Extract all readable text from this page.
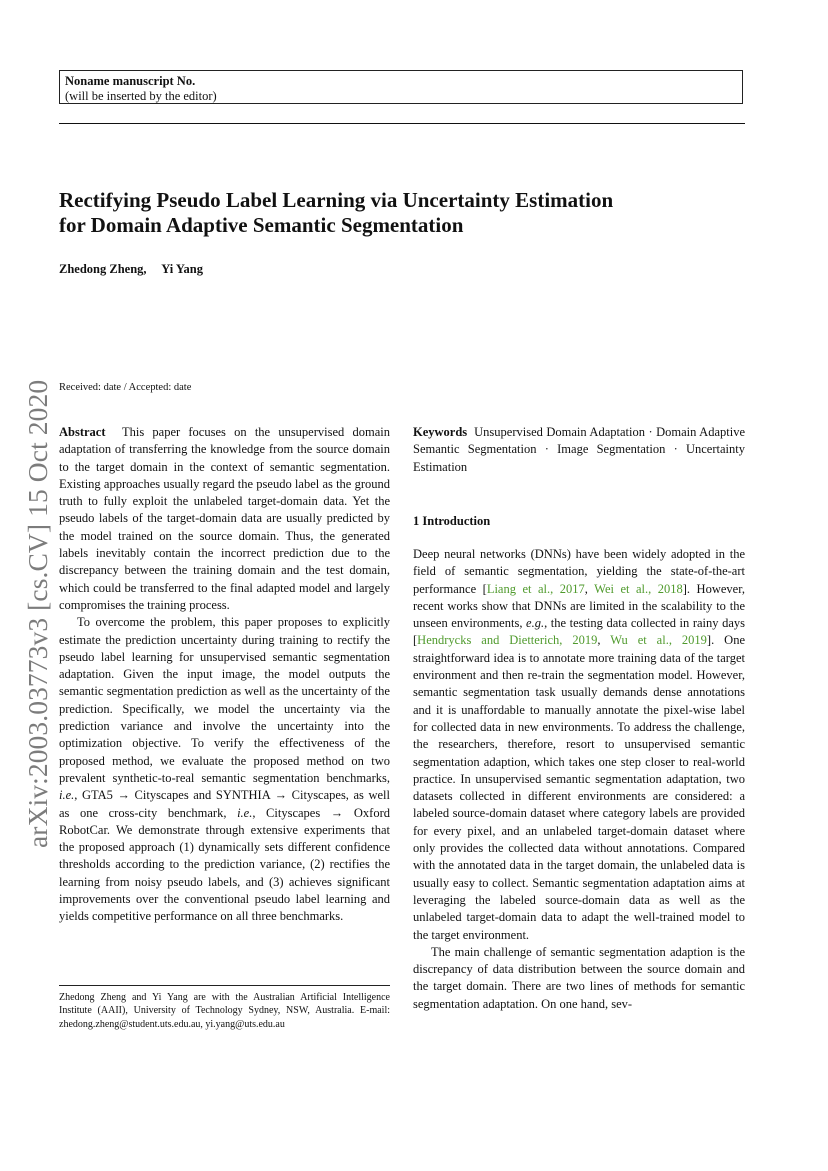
Noname manuscript No.
(will be inserted by the editor)
Rectifying Pseudo Label Learning via Uncertainty Estimation
for Domain Adaptive Semantic Segmentation
Zhedong Zheng, Yi Yang
arXiv:2003.03773v3 [cs.CV] 15 Oct 2020 Received: date / Accepted: date

Abstract This paper focuses on the unsupervised domain adaptation of transferring the knowledge from the source domain to the target domain in the context of semantic segmentation. Existing approaches usually regard the pseudo label as the ground truth to fully exploit the unlabeled target-domain data. Yet the pseudo labels of the target-domain data are usually predicted by the model trained on the source domain. Thus, the generated labels inevitably contain the incorrect prediction due to the discrepancy between the training domain and the test domain, which could be transferred to the final adapted model and largely compromises the training process.

To overcome the problem, this paper proposes to explicitly estimate the prediction uncertainty during training to rectify the pseudo label learning for unsupervised semantic segmentation adaptation. Given the input image, the model outputs the semantic segmentation prediction as well as the uncertainty of the prediction. Specifically, we model the uncertainty via the prediction variance and involve the uncertainty into the optimization objective. To verify the effectiveness of the proposed method, we evaluate the proposed method on two prevalent synthetic-to-real semantic segmentation benchmarks, i.e., GTA5 → Cityscapes and SYNTHIA → Cityscapes, as well as one cross-city benchmark, i.e., Cityscapes → Oxford RobotCar. We demonstrate through extensive experiments that the proposed approach (1) dynamically sets different confidence thresholds according to the prediction variance, (2) rectifies the learning from noisy pseudo labels, and (3) achieves significant improvements over the conventional pseudo label learning and yields competitive performance on all three benchmarks.

Keywords Unsupervised Domain Adaptation · Domain Adaptive Semantic Segmentation · Image Segmentation · Uncertainty Estimation

1 Introduction

Deep neural networks (DNNs) have been widely adopted in the field of semantic segmentation, yielding the state-of-the-art performance [Liang et al., 2017, Wei et al., 2018]. However, recent works show that DNNs are limited in the scalability to the unseen environments, e.g., the testing data collected in rainy days [Hendrycks and Dietterich, 2019, Wu et al., 2019]. One straightforward idea is to annotate more training data of the target environment and then re-train the segmentation model. However, semantic segmentation task usually demands dense annotations and it is unaffordable to manually annotate the pixel-wise label for collected data in new environments. To address the challenge, the researchers, therefore, resort to unsupervised semantic segmentation adaption, which takes one step closer to real-world practice. In unsupervised semantic segmentation adaptation, two datasets collected in different environments are considered: a labeled source-domain dataset where category labels are provided for every pixel, and an unlabeled target-domain dataset where only provides the collected data without annotations. Compared with the annotated data in the target domain, the unlabeled data is usually easy to collect. Semantic segmentation adaptation aims at leveraging the labeled source-domain data as well as the unlabeled target-domain data to adapt the well-trained model to the target environment.

The main challenge of semantic segmentation adaption is the discrepancy of data distribution between the source domain and the target domain. There are two lines of methods for semantic segmentation adaptation. On one hand, sev-

Zhedong Zheng and Yi Yang are with the Australian Artificial Intelligence Institute (AAII), University of Technology Sydney, NSW, Australia. E-mail: zhedong.zheng@student.uts.edu.au, yi.yang@uts.edu.au
